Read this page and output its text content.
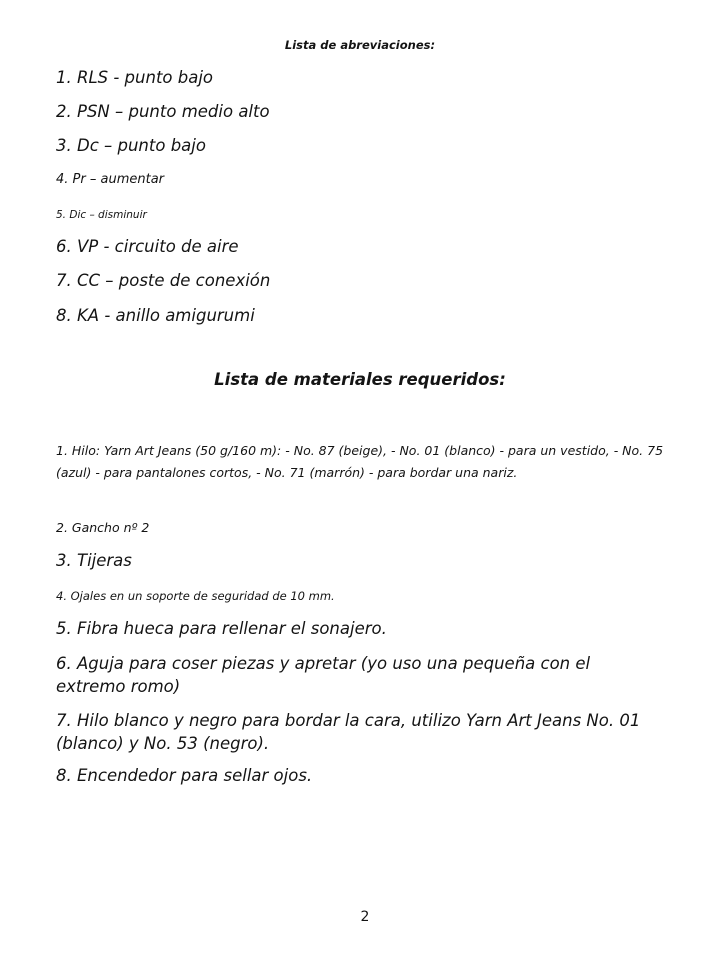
Lista de abreviaciones:

1. RLS - punto bajo

2. PSN – punto medio alto

3. Dc – punto bajo

4. Pr – aumentar

5. Dic – disminuir

6. VP - circuito de aire

7. CC – poste de conexión

8. KA - anillo amigurumi

Lista de materiales requeridos:

1. Hilo: Yarn Art Jeans (50 g/160 m): - No. 87 (beige), - No. 01 (blanco) - para un vestido, - No. 75 (azul) - para pantalones cortos, - No. 71 (marrón) - para bordar una nariz.

2. Gancho nº 2

3. Tijeras

4. Ojales en un soporte de seguridad de 10 mm.

5. Fibra hueca para rellenar el sonajero.

6. Aguja para coser piezas y apretar (yo uso una pequeña con el extremo romo)

7. Hilo blanco y negro para bordar la cara, utilizo Yarn Art Jeans No. 01 (blanco) y No. 53 (negro).

8. Encendedor para sellar ojos.

2
